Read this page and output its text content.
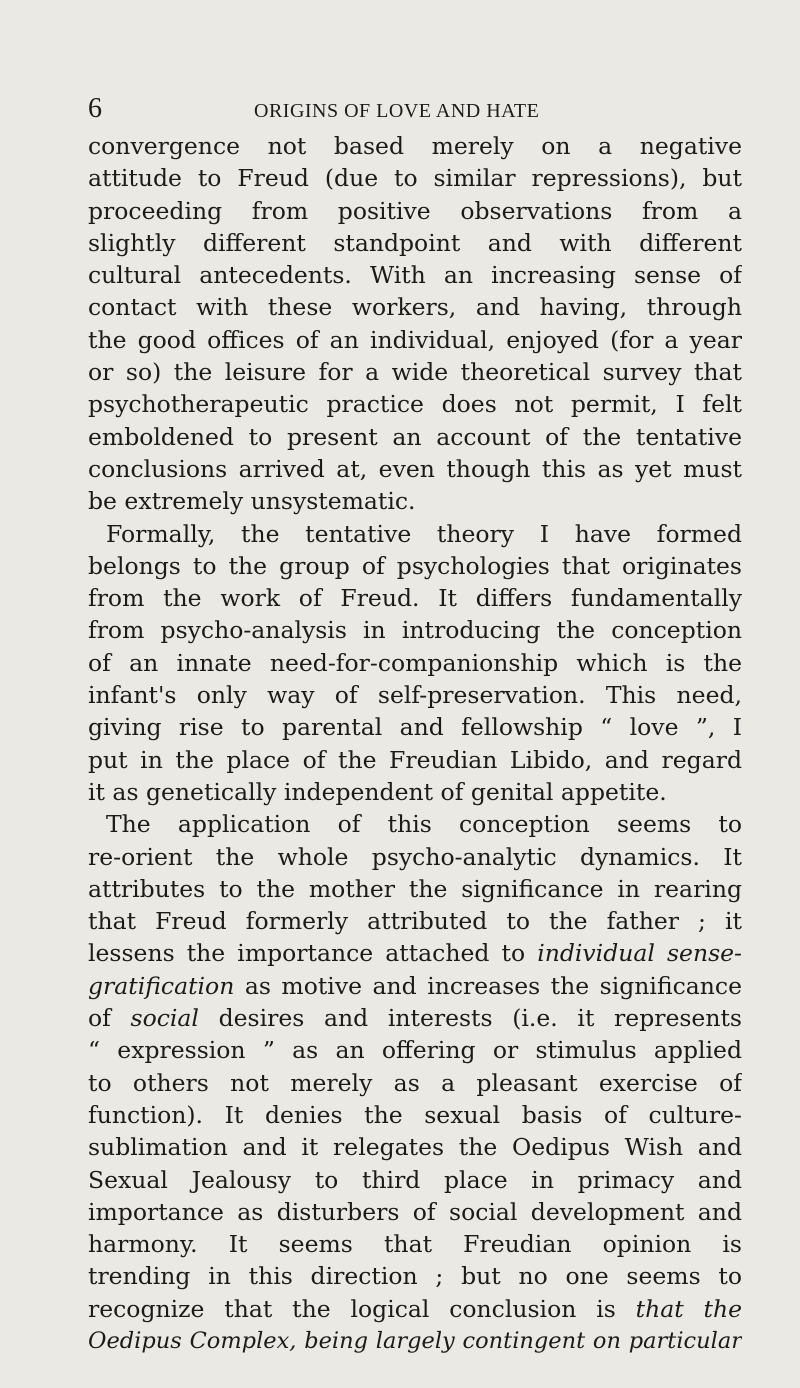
6	ORIGINS OF LOVE AND HATE
convergence not based merely on a negative
attitude to Freud (due to similar repressions), but
proceeding from positive observations from a
slightly different standpoint and with different
cultural antecedents. With an increasing sense of
contact with these workers, and having, through
the good offices of an individual, enjoyed (for a year
or so) the leisure for a wide theoretical survey that
psychotherapeutic practice does not permit, I felt
emboldened to present an account of the tentative
conclusions arrived at, even though this as yet must
be extremely unsystematic.
Formally, the tentative theory I have formed
belongs to the group of psychologies that originates
from the work of Freud. It differs fundamentally
from psycho-analysis in introducing the conception
of an innate need-for-companionship which is the
infant's only way of self-preservation. This need,
giving rise to parental and fellowship “ love ”, I
put in the place of the Freudian Libido, and regard
it as genetically independent of genital appetite.
The application of this conception seems to
re-orient the whole psycho-analytic dynamics. It
attributes to the mother the significance in rearing
that Freud formerly attributed to the father ; it
lessens the importance attached to individual sense-
gratification as motive and increases the significance
of social desires and interests (i.e. it represents
“ expression ” as an offering or stimulus applied
to others not merely as a pleasant exercise of
function). It denies the sexual basis of culture-
sublimation and it relegates the Oedipus Wish and
Sexual Jealousy to third place in primacy and
importance as disturbers of social development and
harmony. It seems that Freudian opinion is
trending in this direction ; but no one seems to
recognize that the logical conclusion is that the
Oedipus Complex, being largely contingent on particular
